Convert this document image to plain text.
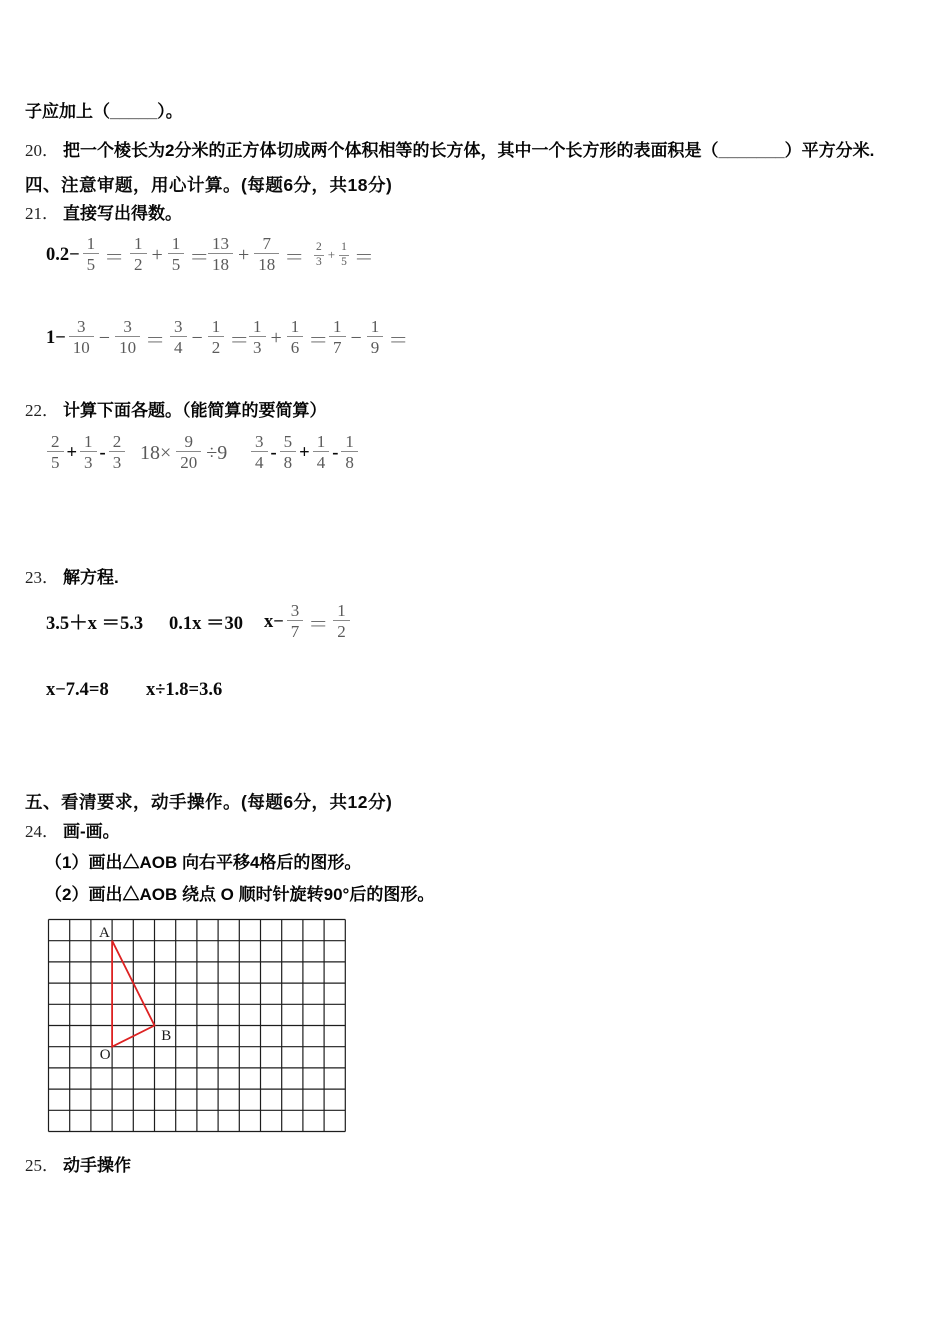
子应加上（_____）。
20． 把一个棱长为2分米的正方体切成两个体积相等的长方体，其中一个长方形的表面积是（_______）平方分米.
四、注意审题，用心计算。(每题6分，共18分)
21． 直接写出得数。
$0.2- \frac{1}{5} = \frac{1}{2} + \frac{1}{5}$ ＝
$\frac{13}{18} + \frac{7}{18} = \frac{2}{3} + \frac{1}{5}$ ＝
$1- \frac{3}{10} - \frac{3}{10} = \frac{3}{4} - \frac{1}{2} = \frac{1}{3} + \frac{1}{6} = \frac{1}{7} - \frac{1}{9}$ ＝
22． 计算下面各题。（能简算的要简算）
$\frac{2}{5} + \frac{1}{3} - \frac{2}{3} 18\times \frac{9}{20} \div 9 \frac{3}{4} - \frac{5}{8} + \frac{1}{4} - \frac{1}{8}$
23． 解方程.
3.5＋x ＝5.3 0.1x ＝30 $x- \frac{3}{7} = \frac{1}{2}$
x−7.4=8 x÷1.8=3.6
五、看清要求，动手操作。(每题6分，共12分)
24． 画-画。
（1）画出△AOB 向右平移4格后的图形。
（2）画出△AOB 绕点 O 顺时针旋转90°后的图形。
A
B
O
25． 动手操作
